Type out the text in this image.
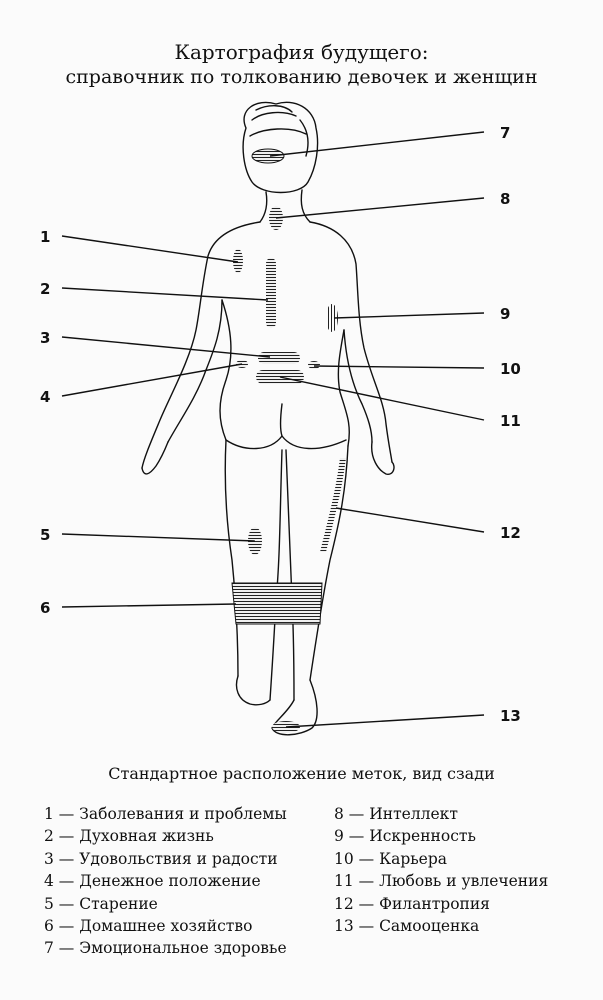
Картография будущего:
справочник по толкованию девочек и женщин
1
2
3
4
5
6
7
8
9
10
11
12
13
Стандартное расположение меток, вид сзади
1 — Заболевания и проблемы
2 — Духовная жизнь
3 — Удовольствия и радости
4 — Денежное положение
5 — Старение
6 — Домашнее хозяйство
7 — Эмоциональное здоровье
8 — Интеллект
9 — Искренность
10 — Карьера
11 — Любовь и увлечения
12 — Филантропия
13 — Самооценка
